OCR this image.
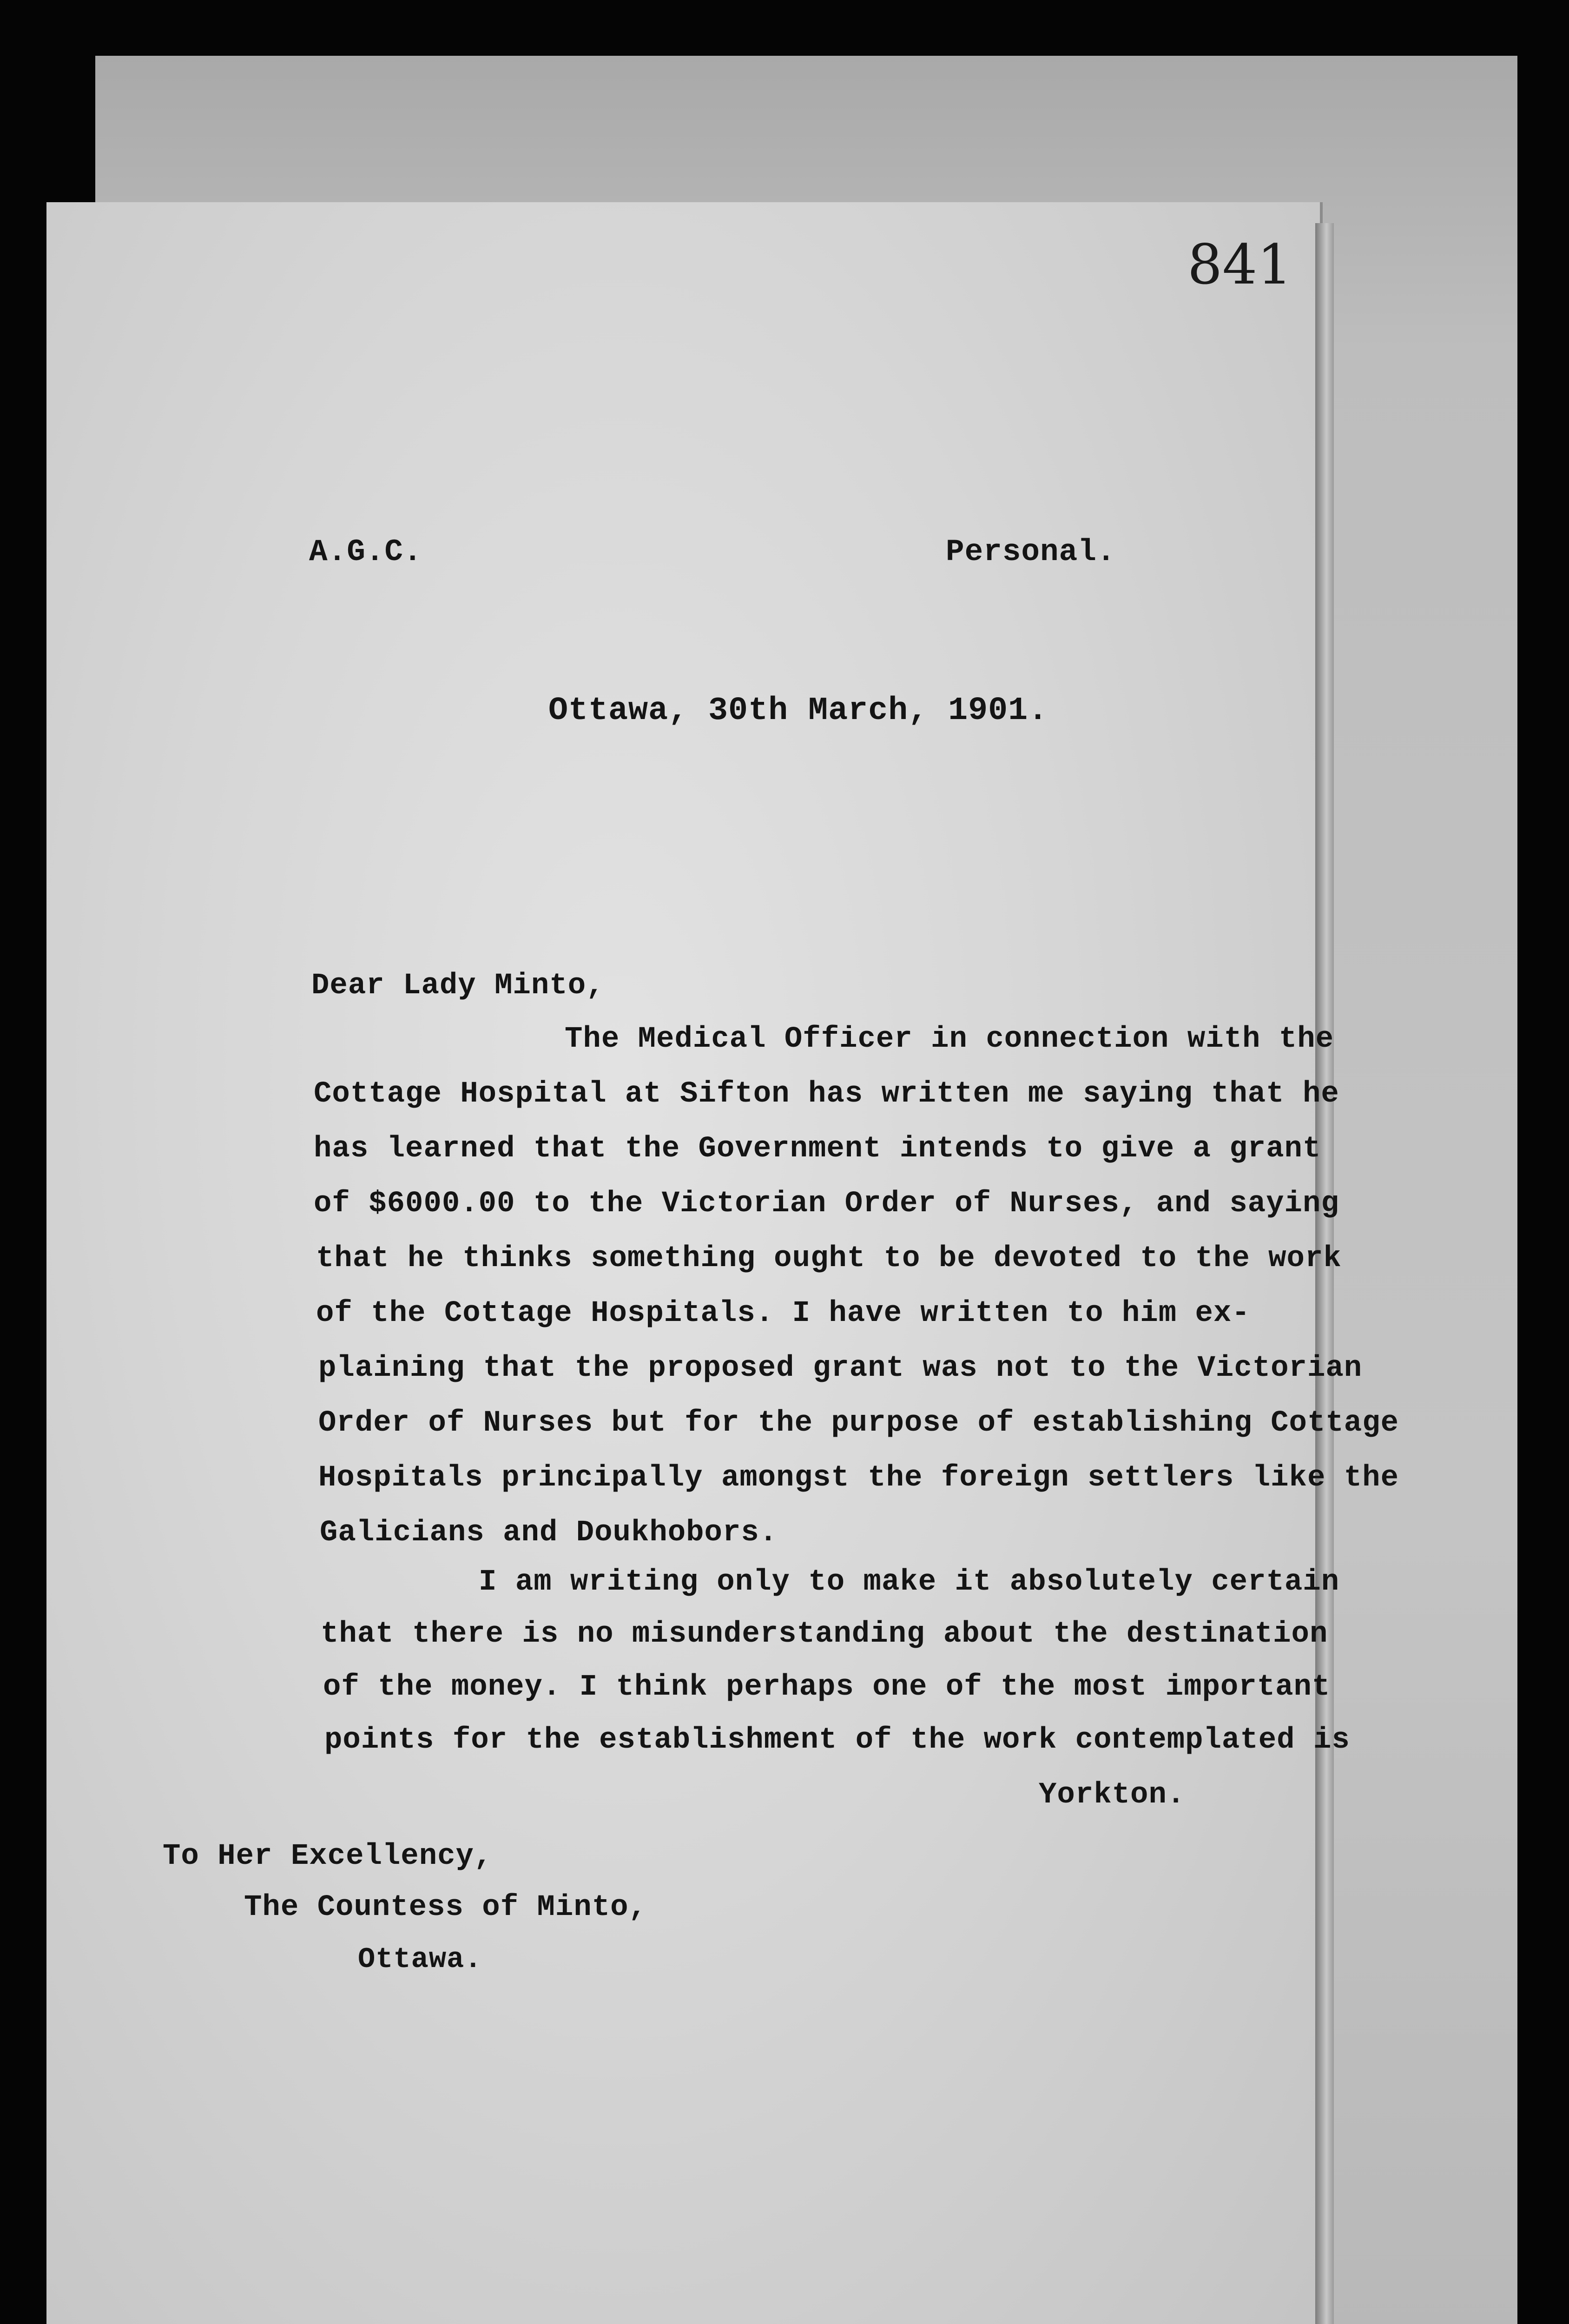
841
A.G.C.	Personal.
Ottawa, 30th March, 1901.
Dear Lady Minto,
The Medical Officer in connection with the
Cottage Hospital at Sifton has written me saying that he
has learned that the Government intends to give a grant
of $6000.00 to the Victorian Order of Nurses, and saying
that he thinks something ought to be devoted to the work
of the Cottage Hospitals. I have written to him ex-
plaining that the proposed grant was not to the Victorian
Order of Nurses but for the purpose of establishing Cottage
Hospitals principally amongst the foreign settlers like the
Galicians and Doukhobors.
I am writing only to make it absolutely certain
that there is no misunderstanding about the destination
of the money. I think perhaps one of the most important
points for the establishment of the work contemplated is
Yorkton.
To Her Excellency,
The Countess of Minto,
Ottawa.
